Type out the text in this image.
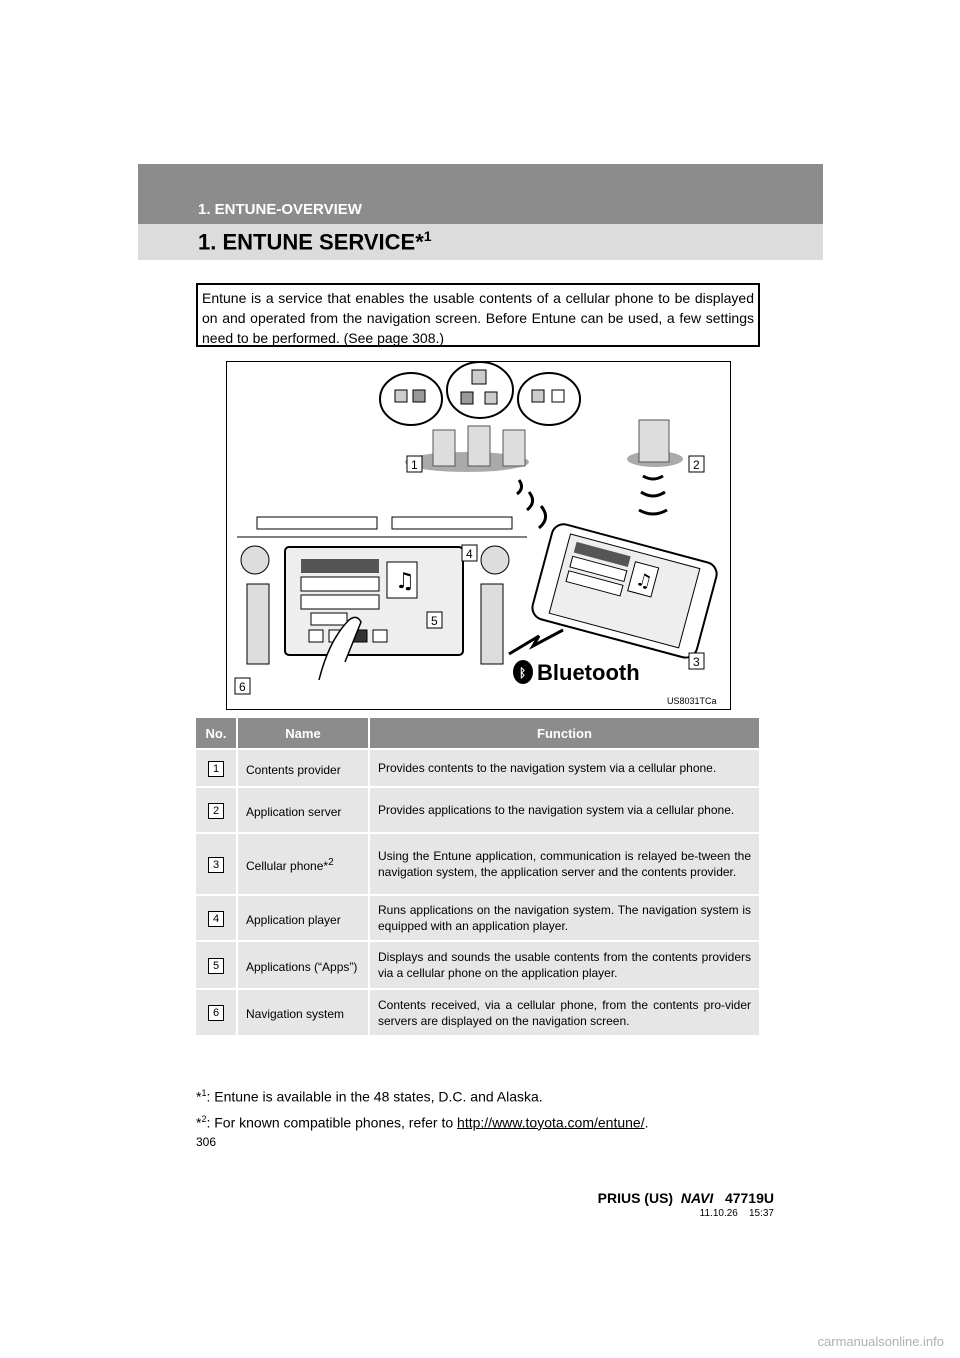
1. ENTUNE-OVERVIEW
1. ENTUNE SERVICE*$^1$
Entune is a service that enables the usable contents of a cellular phone to be displayed on and operated from the navigation screen. Before Entune can be used, a few settings need to be performed. (See page 308.)
♫	♫
ᛒ Bluetooth
1	2
3
4
5
6
US8031TCa
No.	Name	Function
1	Contents provider	Provides contents to the navigation system via a cellular phone.
2	Application server	Provides applications to the navigation system via a cellular phone.
3	Cellular phone*$^2$	Using the Entune application, communication is relayed be-tween the navigation system, the application server and the contents provider.
4	Application player	Runs applications on the navigation system. The navigation system is equipped with an application player.
5	Applications (“Apps”)	Displays and sounds the usable contents from the contents providers via a cellular phone on the application player.
6	Navigation system	Contents received, via a cellular phone, from the contents pro-vider servers are displayed on the navigation screen.
*$^1$: Entune is available in the 48 states, D.C. and Alaska.
*$^2$: For known compatible phones, refer to http://www.toyota.com/entune/.
306
PRIUS (US) NAVI 47719U
11.10.26 15:37
carmanualsonline.info
